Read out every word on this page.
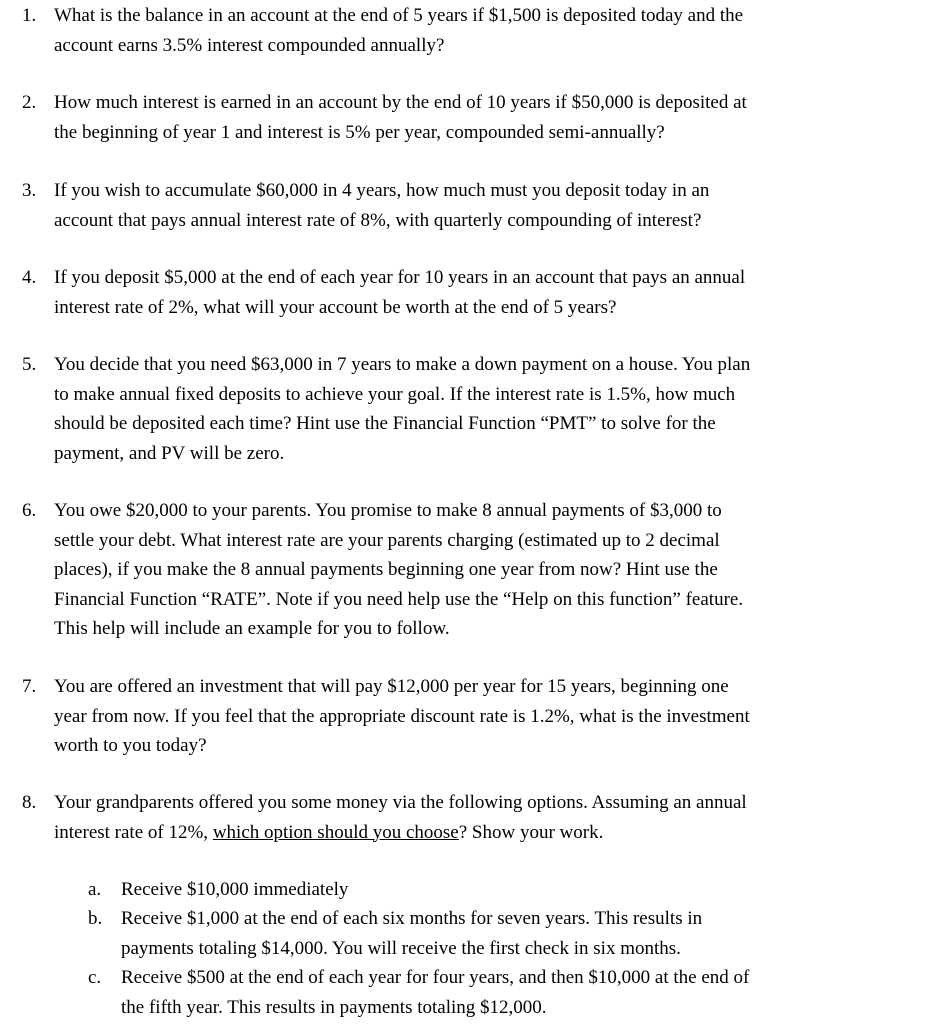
1. What is the balance in an account at the end of 5 years if $1,500 is deposited today and the
account earns 3.5% interest compounded annually?
2. How much interest is earned in an account by the end of 10 years if $50,000 is deposited at
the beginning of year 1 and interest is 5% per year, compounded semi-annually?
3. If you wish to accumulate $60,000 in 4 years, how much must you deposit today in an
account that pays annual interest rate of 8%, with quarterly compounding of interest?
4. If you deposit $5,000 at the end of each year for 10 years in an account that pays an annual
interest rate of 2%, what will your account be worth at the end of 5 years?
5. You decide that you need $63,000 in 7 years to make a down payment on a house. You plan
to make annual fixed deposits to achieve your goal. If the interest rate is 1.5%, how much
should be deposited each time? Hint use the Financial Function “PMT” to solve for the
payment, and PV will be zero.
6. You owe $20,000 to your parents. You promise to make 8 annual payments of $3,000 to
settle your debt. What interest rate are your parents charging (estimated up to 2 decimal
places), if you make the 8 annual payments beginning one year from now? Hint use the
Financial Function “RATE”. Note if you need help use the “Help on this function” feature.
This help will include an example for you to follow.
7. You are offered an investment that will pay $12,000 per year for 15 years, beginning one
year from now. If you feel that the appropriate discount rate is 1.2%, what is the investment
worth to you today?
8. Your grandparents offered you some money via the following options. Assuming an annual
interest rate of 12%, which option should you choose? Show your work.
a. Receive $10,000 immediately
b. Receive $1,000 at the end of each six months for seven years. This results in
payments totaling $14,000. You will receive the first check in six months.
c. Receive $500 at the end of each year for four years, and then $10,000 at the end of
the fifth year. This results in payments totaling $12,000.
